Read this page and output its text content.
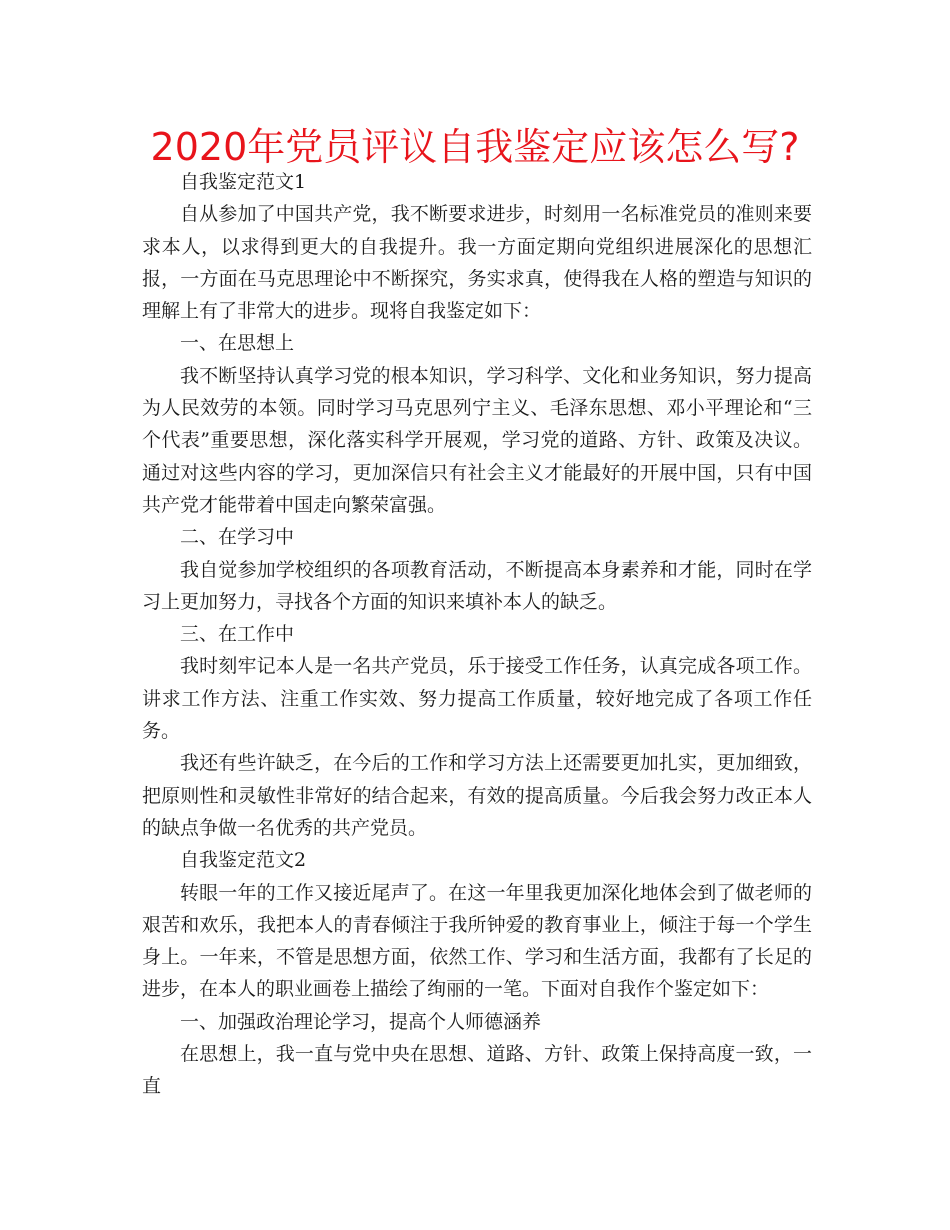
2020年党员评议自我鉴定应该怎么写?

自我鉴定范文1

自从参加了中国共产党，我不断要求进步，时刻用一名标准党员的准则来要求本人，以求得到更大的自我提升。我一方面定期向党组织进展深化的思想汇报，一方面在马克思理论中不断探究，务实求真，使得我在人格的塑造与知识的理解上有了非常大的进步。现将自我鉴定如下：

一、在思想上

我不断坚持认真学习党的根本知识，学习科学、文化和业务知识，努力提高为人民效劳的本领。同时学习马克思列宁主义、毛泽东思想、邓小平理论和“三个代表”重要思想，深化落实科学开展观，学习党的道路、方针、政策及决议。通过对这些内容的学习，更加深信只有社会主义才能最好的开展中国，只有中国共产党才能带着中国走向繁荣富强。

二、在学习中

我自觉参加学校组织的各项教育活动，不断提高本身素养和才能，同时在学习上更加努力，寻找各个方面的知识来填补本人的缺乏。

三、在工作中

我时刻牢记本人是一名共产党员，乐于接受工作任务，认真完成各项工作。讲求工作方法、注重工作实效、努力提高工作质量，较好地完成了各项工作任务。

我还有些许缺乏，在今后的工作和学习方法上还需要更加扎实，更加细致，把原则性和灵敏性非常好的结合起来，有效的提高质量。今后我会努力改正本人的缺点争做一名优秀的共产党员。

自我鉴定范文2

转眼一年的工作又接近尾声了。在这一年里我更加深化地体会到了做老师的艰苦和欢乐，我把本人的青春倾注于我所钟爱的教育事业上，倾注于每一个学生身上。一年来，不管是思想方面，依然工作、学习和生活方面，我都有了长足的进步，在本人的职业画卷上描绘了绚丽的一笔。下面对自我作个鉴定如下：

一、加强政治理论学习，提高个人师德涵养

在思想上，我一直与党中央在思想、道路、方针、政策上保持高度一致，一直
